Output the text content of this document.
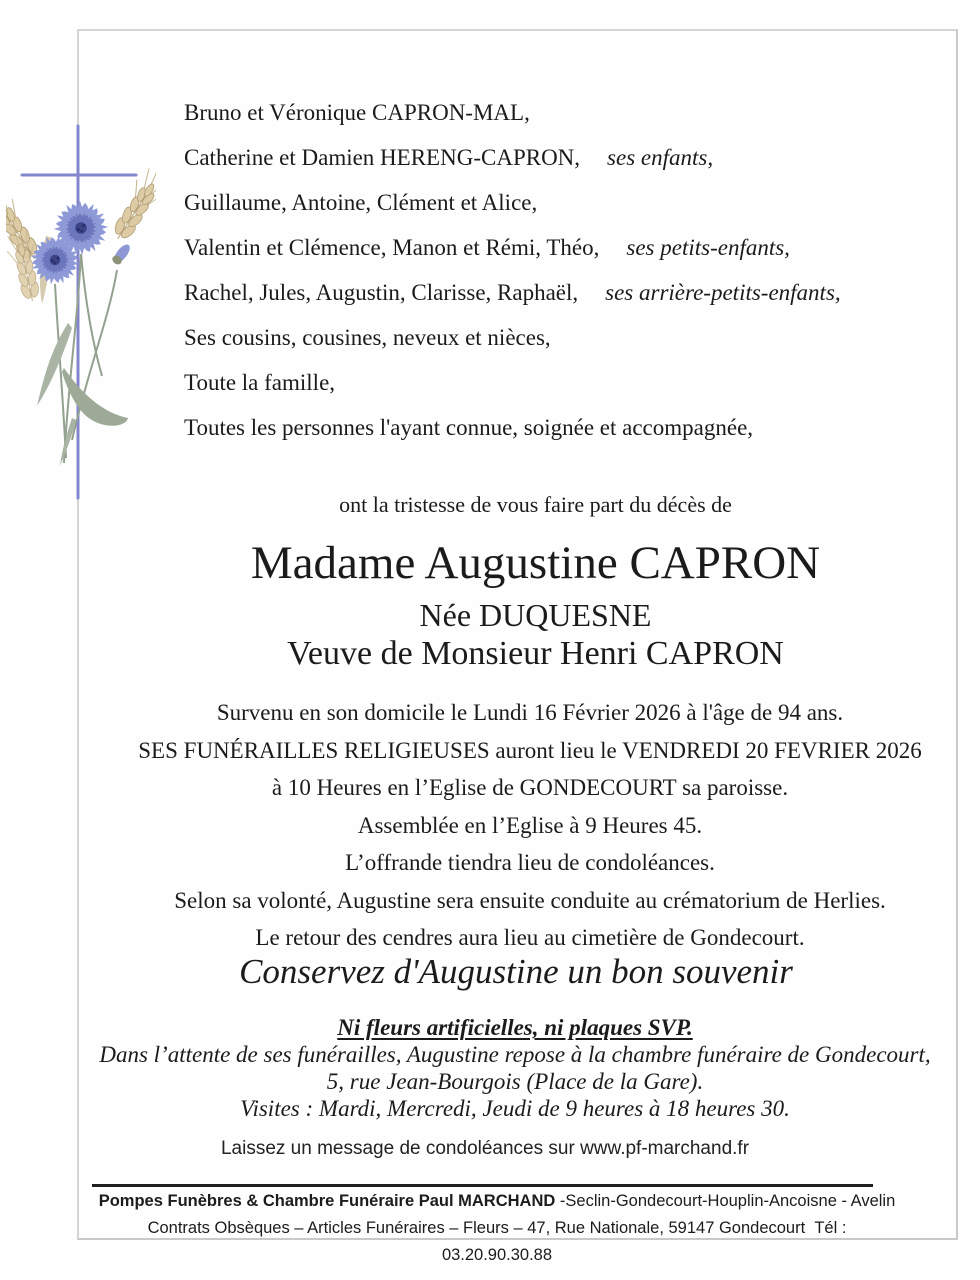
Bruno et Véronique CAPRON-MAL,
Catherine et Damien HERENG-CAPRON, ses enfants,
Guillaume, Antoine, Clément et Alice,
Valentin et Clémence, Manon et Rémi, Théo, ses petits-enfants,
Rachel, Jules, Augustin, Clarisse, Raphaël, ses arrière-petits-enfants,
Ses cousins, cousines, neveux et nièces,
Toute la famille,
Toutes les personnes l'ayant connue, soignée et accompagnée,
ont la tristesse de vous faire part du décès de
Madame Augustine CAPRON
Née DUQUESNE
Veuve de Monsieur Henri CAPRON
Survenu en son domicile le Lundi 16 Février 2026 à l'âge de 94 ans.
SES FUNÉRAILLES RELIGIEUSES auront lieu le VENDREDI 20 FEVRIER 2026
à 10 Heures en l’Eglise de GONDECOURT sa paroisse.
Assemblée en l’Eglise à 9 Heures 45.
L’offrande tiendra lieu de condoléances.
Selon sa volonté, Augustine sera ensuite conduite au crématorium de Herlies.
Le retour des cendres aura lieu au cimetière de Gondecourt.
Conservez d'Augustine un bon souvenir
Ni fleurs artificielles, ni plaques SVP.
Dans l’attente de ses funérailles, Augustine repose à la chambre funéraire de Gondecourt,
5, rue Jean-Bourgois (Place de la Gare).
Visites : Mardi, Mercredi, Jeudi de 9 heures à 18 heures 30.
Laissez un message de condoléances sur www.pf-marchand.fr
Pompes Funèbres & Chambre Funéraire Paul MARCHAND -Seclin-Gondecourt-Houplin-Ancoisne - Avelin
Contrats Obsèques – Articles Funéraires – Fleurs – 47, Rue Nationale, 59147 Gondecourt  Tél : 03.20.90.30.88
